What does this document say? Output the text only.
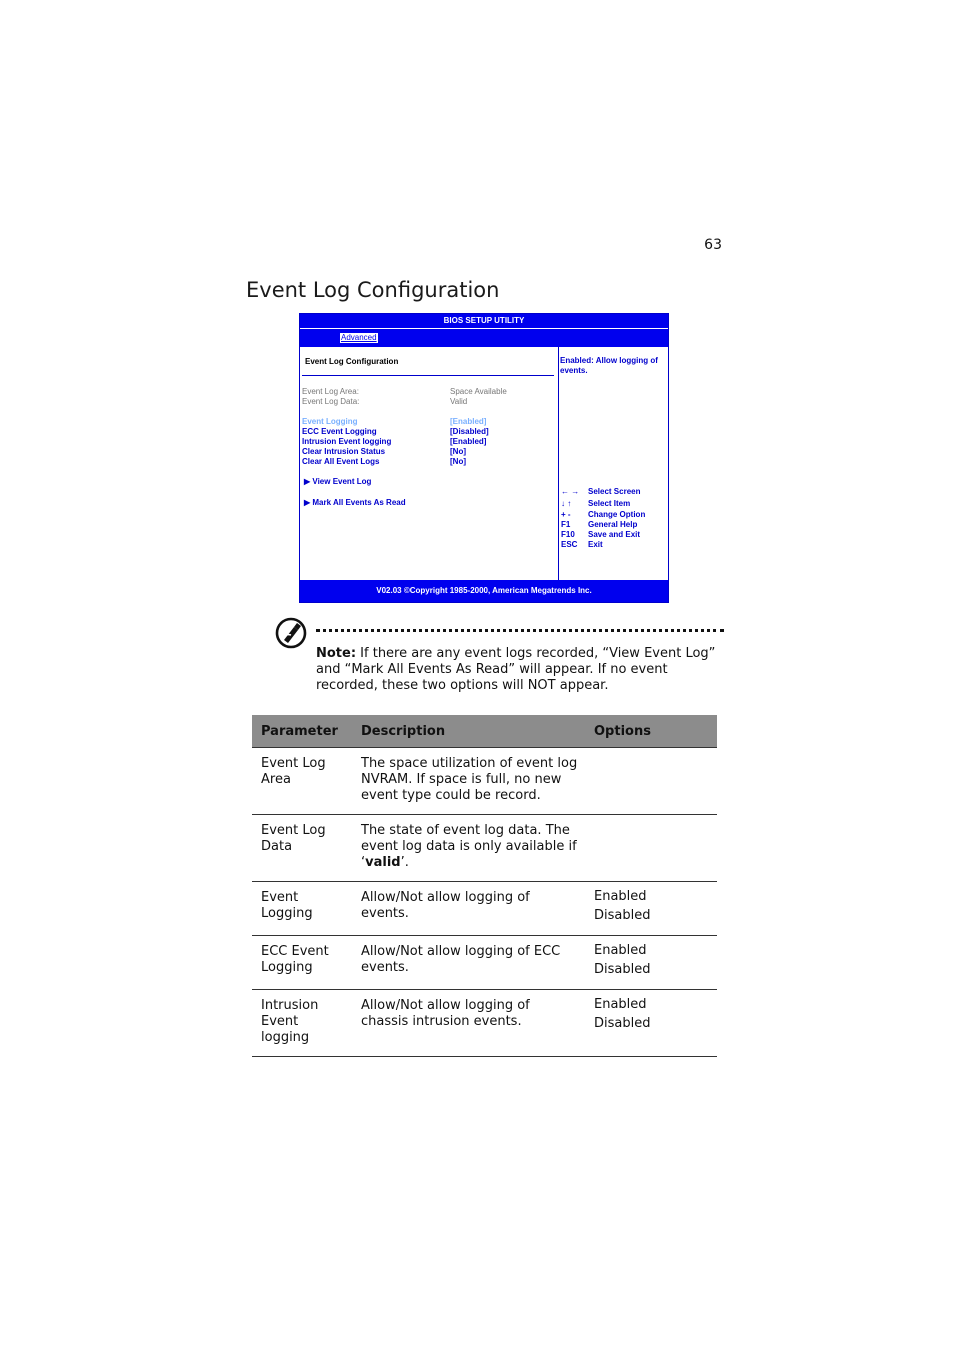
63
Event Log Configuration
BIOS SETUP UTILITY
Advanced
Event Log Configuration
Event Log Area:	Space Available
Event Log Data:	Valid
Event Logging	[Enabled]
ECC Event Logging	[Disabled]
Intrusion Event logging	[Enabled]
Clear Intrusion Status	[No]
Clear All Event Logs	[No]
▶ View Event Log
▶ Mark All Events As Read
Enabled: Allow logging of events.
← → Select Screen
↓ ↑ Select Item
+ - Change Option
F1 General Help
F10 Save and Exit
ESC Exit
V02.03 ©Copyright 1985-2000, American Megatrends Inc.
Note: If there are any event logs recorded, “View Event Log” and “Mark All Events As Read” will appear. If no event recorded, these two options will NOT appear.
Parameter	Description	Options
Event Log Area	The space utilization of event log NVRAM. If space is full, no new event type could be record.	
Event Log Data	The state of event log data. The event log data is only available if ‘valid’.	
Event Logging	Allow/Not allow logging of events.	Enabled
Disabled

ECC Event Logging	Allow/Not allow logging of ECC events.	Enabled
Disabled

Intrusion Event logging	Allow/Not allow logging of chassis intrusion events.	Enabled
Disabled
